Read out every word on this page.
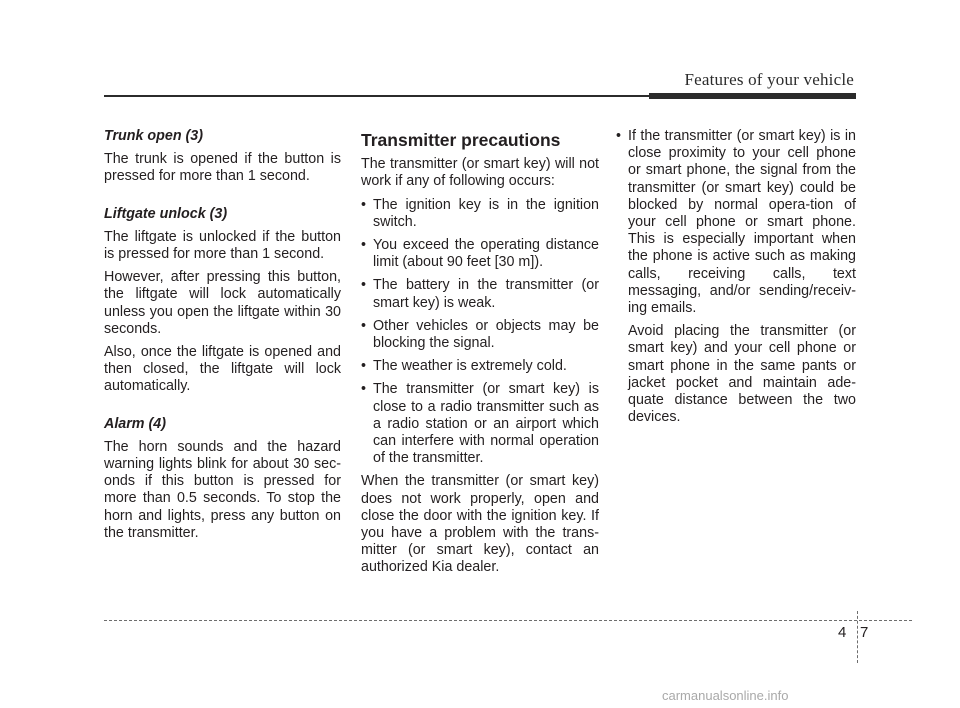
Features of your vehicle
Trunk open (3)

The trunk is opened if the button is pressed for more than 1 second.

Liftgate unlock (3)

The liftgate is unlocked if the button is pressed for more than 1 second.

However, after pressing this button, the liftgate will lock automatically unless you open the liftgate within 30 seconds.

Also, once the liftgate is opened and then closed, the liftgate will lock automatically.

Alarm (4)

The horn sounds and the hazard warning lights blink for about 30 sec-onds if this button is pressed for more than 0.5 seconds. To stop the horn and lights, press any button on the transmitter.

Transmitter precautions

The transmitter (or smart key) will not work if any of following occurs:

• The ignition key is in the ignition switch.
• You exceed the operating distance limit (about 90 feet [30 m]).
• The battery in the transmitter (or smart key) is weak.
• Other vehicles or objects may be blocking the signal.
• The weather is extremely cold.
• The transmitter (or smart key) is close to a radio transmitter such as a radio station or an airport which can interfere with normal operation of the transmitter.

When the transmitter (or smart key) does not work properly, open and close the door with the ignition key. If you have a problem with the trans-mitter (or smart key), contact an authorized Kia dealer.

• If the transmitter (or smart key) is in close proximity to your cell phone or smart phone, the signal from the transmitter (or smart key) could be blocked by normal opera-tion of your cell phone or smart phone. This is especially important when the phone is active such as making calls, receiving calls, text messaging, and/or sending/receiv-ing emails.

Avoid placing the transmitter (or smart key) and your cell phone or smart phone in the same pants or jacket pocket and maintain ade-quate distance between the two devices.

4 7
carmanualsonline.info
